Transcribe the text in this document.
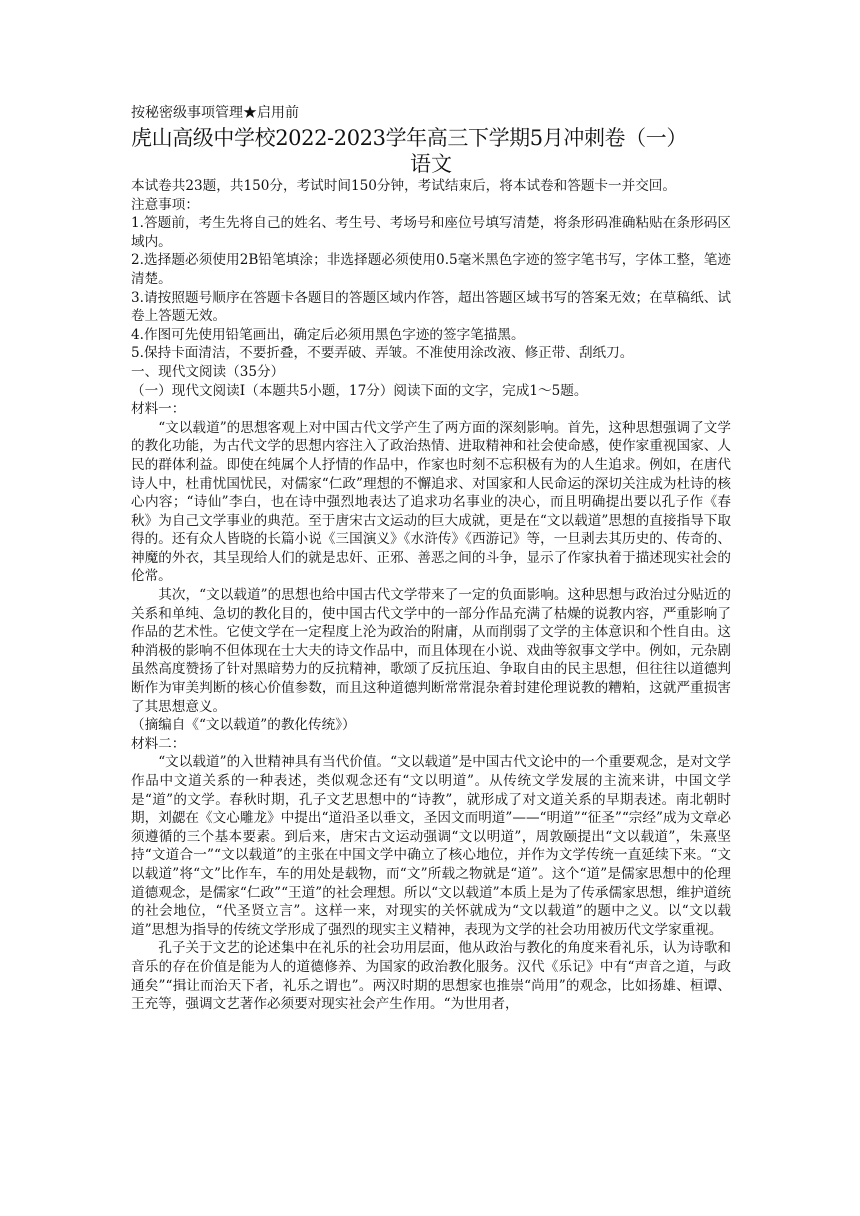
按秘密级事项管理★启用前

虎山高级中学校2022-2023学年高三下学期5月冲刺卷（一）

语文

本试卷共23题，共150分，考试时间150分钟，考试结束后，将本试卷和答题卡一并交回。

注意事项：

1.答题前，考生先将自己的姓名、考生号、考场号和座位号填写清楚，将条形码准确粘贴在条形码区域内。

2.选择题必须使用2B铅笔填涂；非选择题必须使用0.5毫米黑色字迹的签字笔书写，字体工整，笔迹清楚。

3.请按照题号顺序在答题卡各题目的答题区域内作答，超出答题区域书写的答案无效；在草稿纸、试卷上答题无效。

4.作图可先使用铅笔画出，确定后必须用黑色字迹的签字笔描黑。

5.保持卡面清洁，不要折叠，不要弄破、弄皱。不准使用涂改液、修正带、刮纸刀。

一、现代文阅读（35分）

（一）现代文阅读Ⅰ（本题共5小题，17分）阅读下面的文字，完成1～5题。

材料一：

“文以载道”的思想客观上对中国古代文学产生了两方面的深刻影响。首先，这种思想强调了文学的教化功能，为古代文学的思想内容注入了政治热情、进取精神和社会使命感，使作家重视国家、人民的群体利益。即使在纯属个人抒情的作品中，作家也时刻不忘积极有为的人生追求。例如，在唐代诗人中，杜甫忧国忧民，对儒家“仁政”理想的不懈追求、对国家和人民命运的深切关注成为杜诗的核心内容；“诗仙”李白，也在诗中强烈地表达了追求功名事业的决心，而且明确提出要以孔子作《春秋》为自己文学事业的典范。至于唐宋古文运动的巨大成就，更是在“文以载道”思想的直接指导下取得的。还有众人皆晓的长篇小说《三国演义》《水浒传》《西游记》等，一旦剥去其历史的、传奇的、神魔的外衣，其呈现给人们的就是忠奸、正邪、善恶之间的斗争，显示了作家执着于描述现实社会的伦常。

其次，“文以载道”的思想也给中国古代文学带来了一定的负面影响。这种思想与政治过分贴近的关系和单纯、急切的教化目的，使中国古代文学中的一部分作品充满了枯燥的说教内容，严重影响了作品的艺术性。它使文学在一定程度上沦为政治的附庸，从而削弱了文学的主体意识和个性自由。这种消极的影响不但体现在士大夫的诗文作品中，而且体现在小说、戏曲等叙事文学中。例如，元杂剧虽然高度赞扬了针对黑暗势力的反抗精神，歌颂了反抗压迫、争取自由的民主思想，但往往以道德判断作为审美判断的核心价值参数，而且这种道德判断常常混杂着封建伦理说教的糟粕，这就严重损害了其思想意义。

（摘编自《“文以载道”的教化传统》）

材料二：

“文以载道”的入世精神具有当代价值。“文以载道”是中国古代文论中的一个重要观念，是对文学作品中文道关系的一种表述，类似观念还有“文以明道”。从传统文学发展的主流来讲，中国文学是“道”的文学。春秋时期，孔子文艺思想中的“诗教”，就形成了对文道关系的早期表述。南北朝时期，刘勰在《文心雕龙》中提出“道沿圣以垂文，圣因文而明道”——“明道”“征圣”“宗经”成为文章必须遵循的三个基本要素。到后来，唐宋古文运动强调“文以明道”，周敦颐提出“文以载道”，朱熹坚持“文道合一”“文以载道”的主张在中国文学中确立了核心地位，并作为文学传统一直延续下来。“文以载道”将“文”比作车，车的用处是载物，而“文”所载之物就是“道”。这个“道”是儒家思想中的伦理道德观念，是儒家“仁政”“王道”的社会理想。所以“文以载道”本质上是为了传承儒家思想，维护道统的社会地位，“代圣贤立言”。这样一来，对现实的关怀就成为“文以载道”的题中之义。以“文以载道”思想为指导的传统文学形成了强烈的现实主义精神，表现为文学的社会功用被历代文学家重视。

孔子关于文艺的论述集中在礼乐的社会功用层面，他从政治与教化的角度来看礼乐，认为诗歌和音乐的存在价值是能为人的道德修养、为国家的政治教化服务。汉代《乐记》中有“声音之道，与政通矣”“揖让而治天下者，礼乐之谓也”。两汉时期的思想家也推崇“尚用”的观念，比如扬雄、桓谭、王充等，强调文艺著作必须要对现实社会产生作用。“为世用者，
